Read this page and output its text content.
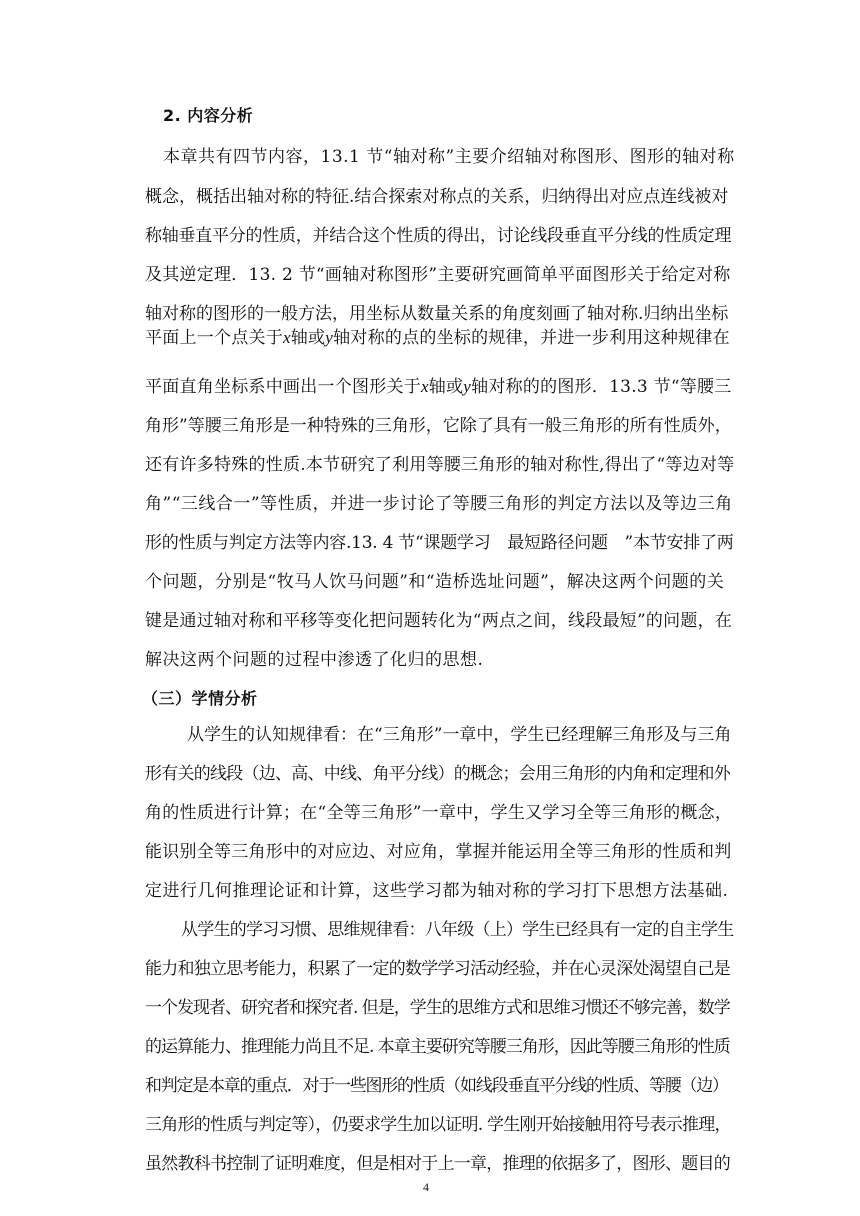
2. 内容分析
本章共有四节内容，13.1 节“轴对称”主要介绍轴对称图形、图形的轴对称
概念，概括出轴对称的特征.结合探索对称点的关系，归纳得出对应点连线被对
称轴垂直平分的性质，并结合这个性质的得出，讨论线段垂直平分线的性质定理
及其逆定理．13. 2 节“画轴对称图形”主要研究画简单平面图形关于给定对称
轴对称的图形的一般方法，用坐标从数量关系的角度刻画了轴对称.归纳出坐标
平面上一个点关于x轴或y轴对称的点的坐标的规律，并进一步利用这种规律在
平面直角坐标系中画出一个图形关于x轴或y轴对称的的图形．13.3 节“等腰三
角形”等腰三角形是一种特殊的三角形，它除了具有一般三角形的所有性质外，
还有许多特殊的性质.本节研究了利用等腰三角形的轴对称性,得出了“等边对等
角”“三线合一”等性质，并进一步讨论了等腰三角形的判定方法以及等边三角
形的性质与判定方法等内容.13. 4 节“课题学习　最短路径问题　”本节安排了两
个问题，分别是“牧马人饮马问题”和“造桥选址问题”，解决这两个问题的关
键是通过轴对称和平移等变化把问题转化为“两点之间，线段最短”的问题，在
解决这两个问题的过程中渗透了化归的思想.
（三）学情分析
从学生的认知规律看：在“三角形”一章中，学生已经理解三角形及与三角
形有关的线段（边、高、中线、角平分线）的概念；会用三角形的内角和定理和外
角的性质进行计算；在“全等三角形”一章中，学生又学习全等三角形的概念，
能识别全等三角形中的对应边、对应角，掌握并能运用全等三角形的性质和判
定进行几何推理论证和计算，这些学习都为轴对称的学习打下思想方法基础.
从学生的学习习惯、思维规律看：八年级（上）学生已经具有一定的自主学生
能力和独立思考能力，积累了一定的数学学习活动经验，并在心灵深处渴望自己是
一个发现者、研究者和探究者. 但是，学生的思维方式和思维习惯还不够完善，数学
的运算能力、推理能力尚且不足. 本章主要研究等腰三角形，因此等腰三角形的性质
和判定是本章的重点．对于一些图形的性质（如线段垂直平分线的性质、等腰（边）
三角形的性质与判定等），仍要求学生加以证明. 学生刚开始接触用符号表示推理，
虽然教科书控制了证明难度，但是相对于上一章，推理的依据多了，图形、题目的
4
